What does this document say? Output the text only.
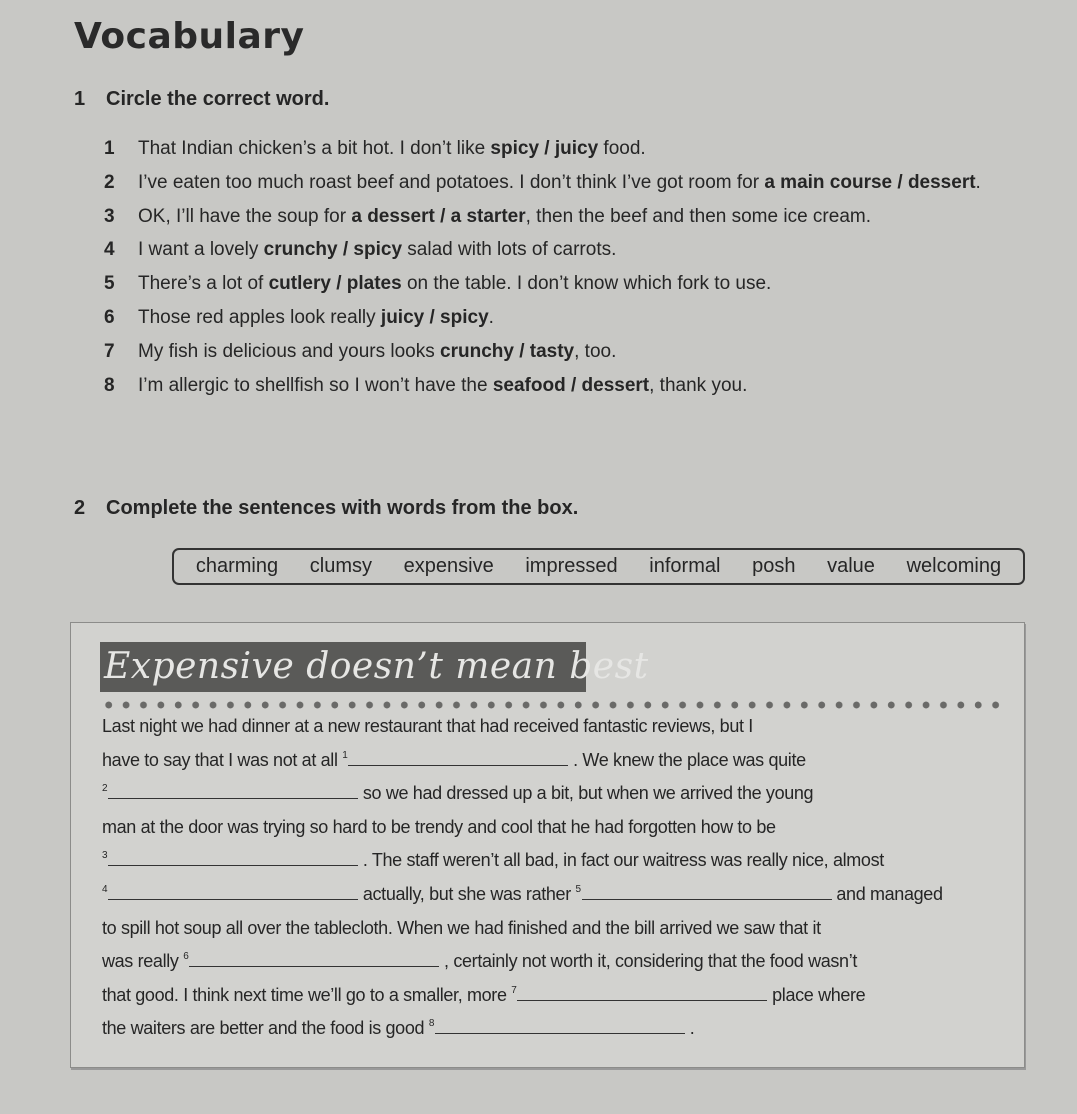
Vocabulary
1 Circle the correct word.
1 That Indian chicken’s a bit hot. I don’t like spicy / juicy food.
2 I’ve eaten too much roast beef and potatoes. I don’t think I’ve got room for a main course / dessert.
3 OK, I’ll have the soup for a dessert / a starter, then the beef and then some ice cream.
4 I want a lovely crunchy / spicy salad with lots of carrots.
5 There’s a lot of cutlery / plates on the table. I don’t know which fork to use.
6 Those red apples look really juicy / spicy.
7 My fish is delicious and yours looks crunchy / tasty, too.
8 I’m allergic to shellfish so I won’t have the seafood / dessert, thank you.
2 Complete the sentences with words from the box.
charming clumsy expensive impressed informal posh value welcoming
Expensive doesn’t mean best
Last night we had dinner at a new restaurant that had received fantastic reviews, but I
have to say that I was not at all $^1$	. We knew the place was quite
$^2$	so we had dressed up a bit, but when we arrived the young
man at the door was trying so hard to be trendy and cool that he had forgotten how to be
$^3$	. The staff weren’t all bad, in fact our waitress was really nice, almost
$^4$	actually, but she was rather $^5$	and managed
to spill hot soup all over the tablecloth. When we had finished and the bill arrived we saw that it
was really $^6$	, certainly not worth it, considering that the food wasn’t
that good. I think next time we’ll go to a smaller, more $^7$	place where
the waiters are better and the food is good $^8$	.
